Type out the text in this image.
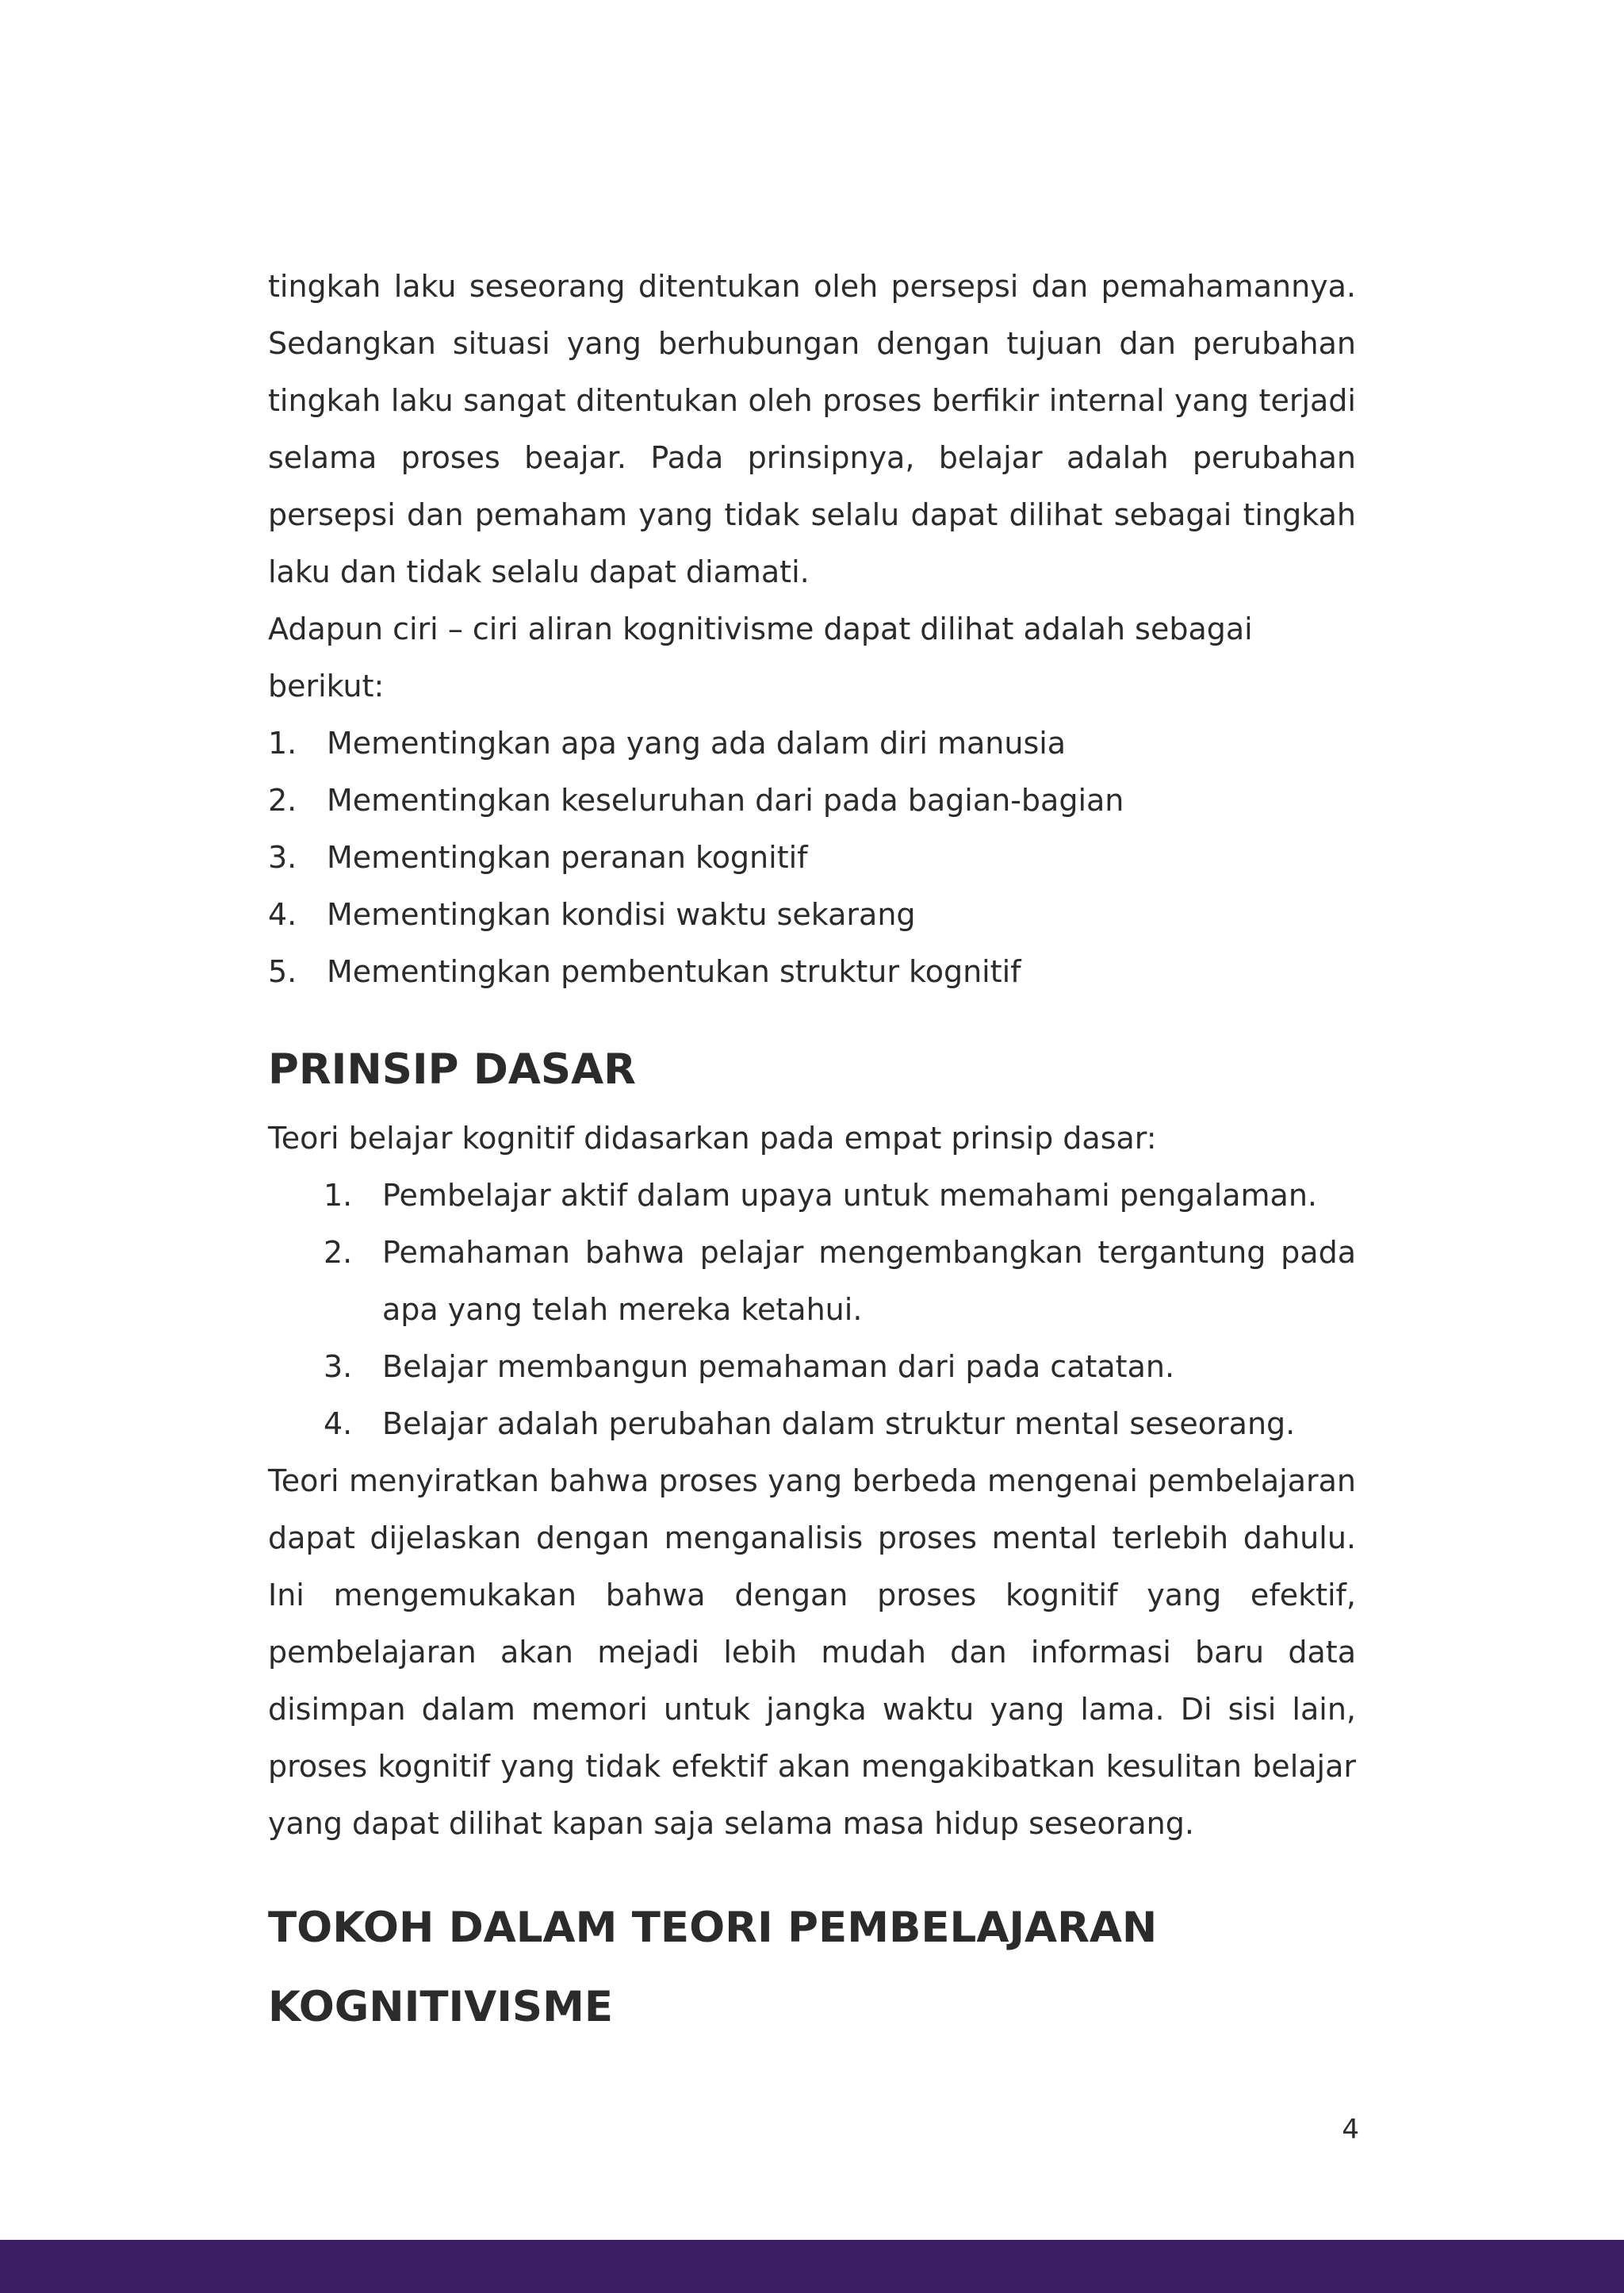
tingkah laku seseorang ditentukan oleh persepsi dan pemahamannya. Sedangkan situasi yang berhubungan dengan tujuan dan perubahan tingkah laku sangat ditentukan oleh proses berfikir internal yang terjadi selama proses beajar. Pada prinsipnya, belajar adalah perubahan persepsi dan pemaham yang tidak selalu dapat dilihat sebagai tingkah laku dan tidak selalu dapat diamati.

Adapun ciri – ciri aliran kognitivisme dapat dilihat adalah sebagai berikut:

1. Mementingkan apa yang ada dalam diri manusia
2. Mementingkan keseluruhan dari pada bagian-bagian
3. Mementingkan peranan kognitif
4. Mementingkan kondisi waktu sekarang
5. Mementingkan pembentukan struktur kognitif
PRINSIP DASAR

Teori belajar kognitif didasarkan pada empat prinsip dasar:

1. Pembelajar aktif dalam upaya untuk memahami pengalaman.
2. Pemahaman bahwa pelajar mengembangkan tergantung pada apa yang telah mereka ketahui.
3. Belajar membangun pemahaman dari pada catatan.
4. Belajar adalah perubahan dalam struktur mental seseorang.

Teori menyiratkan bahwa proses yang berbeda mengenai pembelajaran dapat dijelaskan dengan menganalisis proses mental terlebih dahulu. Ini mengemukakan bahwa dengan proses kognitif yang efektif, pembelajaran akan mejadi lebih mudah dan informasi baru data disimpan dalam memori untuk jangka waktu yang lama. Di sisi lain, proses kognitif yang tidak efektif akan mengakibatkan kesulitan belajar yang dapat dilihat kapan saja selama masa hidup seseorang.

TOKOH DALAM TEORI PEMBELAJARAN KOGNITIVISME
4
